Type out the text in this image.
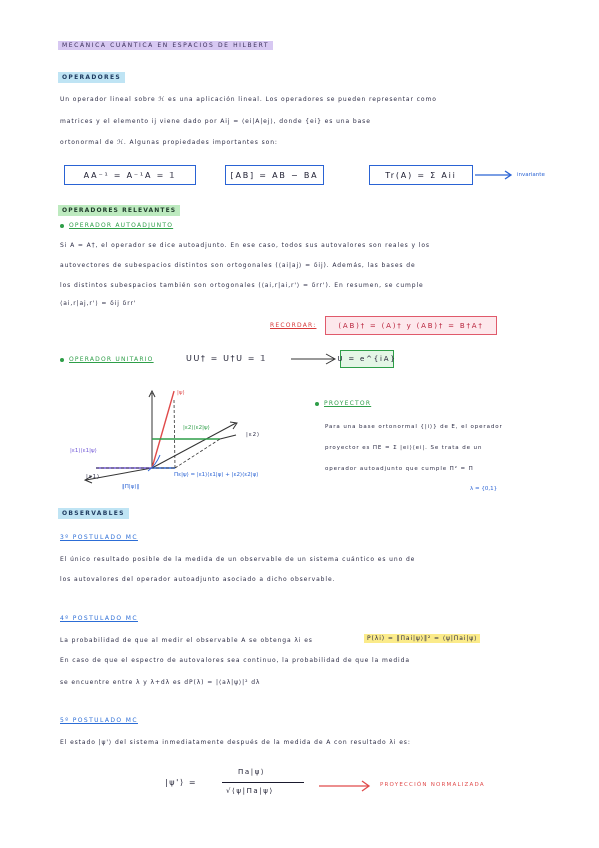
MECÁNICA CUÁNTICA EN ESPACIOS DE HILBERT
OPERADORES
Un operador lineal sobre ℋ es una aplicación lineal. Los operadores se pueden representar como
matrices y el elemento ij viene dado por Aij = ⟨ei|A|ej⟩, donde {ei} es una base
ortonormal de ℋ. Algunas propiedades importantes son:
AA⁻¹ = A⁻¹A = 𝟙	[AB] = AB − BA	Tr(A) = Σ Aii	invariante
OPERADORES RELEVANTES
OPERADOR AUTOADJUNTO
Si A = A†, el operador se dice autoadjunto. En ese caso, todos sus autovalores son reales y los
autovectores de subespacios distintos son ortogonales (⟨ai|aj⟩ = δij). Además, las bases de
los distintos subespacios también son ortogonales (⟨ai,r|ai,r'⟩ = δrr'). En resumen, se cumple
⟨ai,r|aj,r'⟩ = δij δrr'
RECORDAR:	(AB)† = (A)† y (AB)† = B†A†
OPERADOR UNITARIO	UU† = U†U = 𝟙	U = e^{iA}
|ψ⟩
|ε2⟩⟨ε2|ψ⟩
|ε2⟩
|ε1⟩⟨ε1|ψ⟩
|ε1⟩
‖Π|ψ⟩‖
Πε|ψ⟩ = |ε1⟩⟨ε1|ψ⟩ + |ε2⟩⟨ε2|ψ⟩
PROYECTOR
Para una base ortonormal {|i⟩} de E, el operador
proyector es ΠE = Σ |ei⟩⟨ei|. Se trata de un
operador autoadjunto que cumple Π² = Π
λ = {0,1}
OBSERVABLES
3º POSTULADO MC
El único resultado posible de la medida de un observable de un sistema cuántico es uno de
los autovalores del operador autoadjunto asociado a dicho observable.
4º POSTULADO MC
La probabilidad de que al medir el observable A se obtenga λi es	P(λi) = ‖Πai|ψ⟩‖² = ⟨ψ|Πai|ψ⟩
En caso de que el espectro de autovalores sea continuo, la probabilidad de que la medida
se encuentre entre λ y λ+dλ es dP(λ) = |⟨aλ|ψ⟩|² dλ
5º POSTULADO MC
El estado |ψ'⟩ del sistema inmediatamente después de la medida de A con resultado λi es:
|ψ'⟩ =
Πa|ψ⟩
√⟨ψ|Πa|ψ⟩
PROYECCIÓN NORMALIZADA
